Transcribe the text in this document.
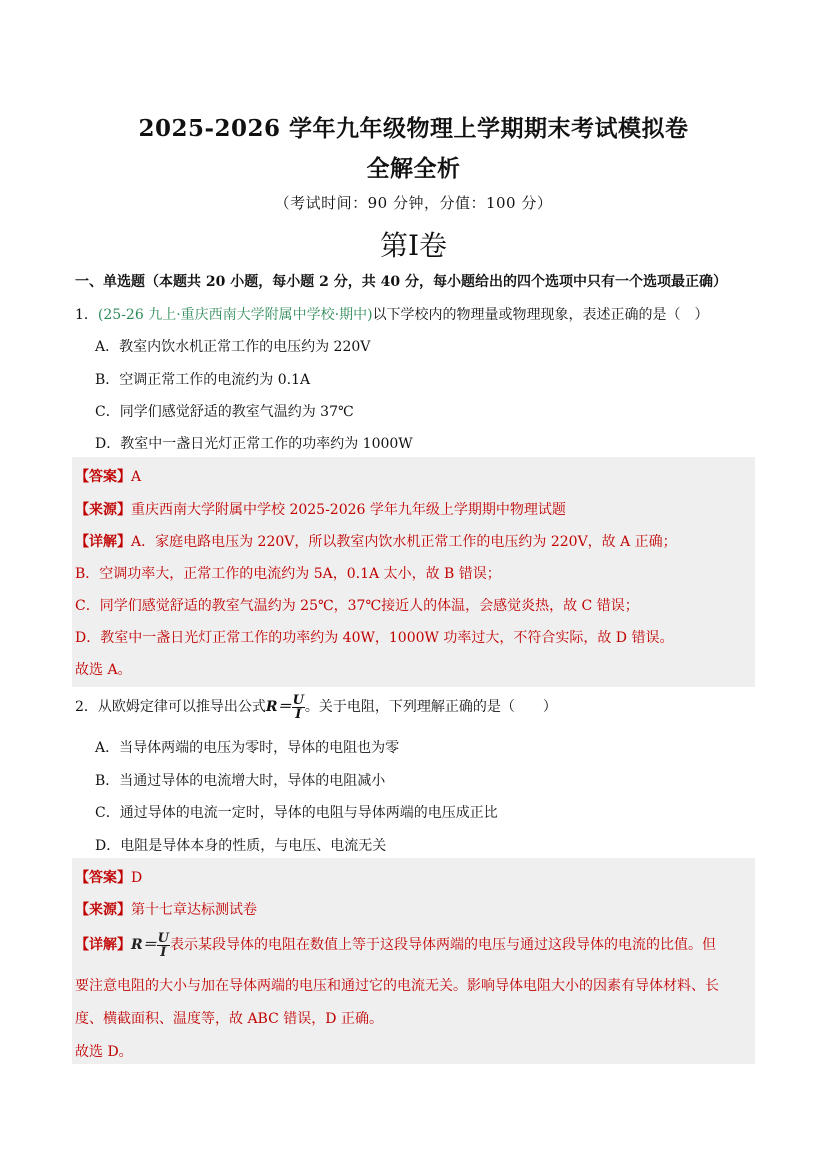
2025-2026 学年九年级物理上学期期末考试模拟卷
全解全析
（考试时间：90 分钟，分值：100 分）
第I卷
一、单选题（本题共 20 小题，每小题 2 分，共 40 分，每小题给出的四个选项中只有一个选项最正确）
1．(25-26 九上·重庆西南大学附属中学校·期中)以下学校内的物理量或物理现象，表述正确的是（　）
A．教室内饮水机正常工作的电压约为 220V
B．空调正常工作的电流约为 0.1A
C．同学们感觉舒适的教室气温约为 37℃
D．教室中一盏日光灯正常工作的功率约为 1000W
【答案】A
【来源】重庆西南大学附属中学校 2025-2026 学年九年级上学期期中物理试题
【详解】A．家庭电路电压为 220V，所以教室内饮水机正常工作的电压约为 220V，故 A 正确；
B．空调功率大，正常工作的电流约为 5A，0.1A 太小，故 B 错误；
C．同学们感觉舒适的教室气温约为 25℃，37℃接近人的体温，会感觉炎热，故 C 错误；
D．教室中一盏日光灯正常工作的功率约为 40W，1000W 功率过大，不符合实际，故 D 错误。
故选 A。
2．从欧姆定律可以推导出公式$R= \frac{U}{I}$ 。关于电阻，下列理解正确的是（　　）
A．当导体两端的电压为零时，导体的电阻也为零
B．当通过导体的电流增大时，导体的电阻减小
C．通过导体的电流一定时，导体的电阻与导体两端的电压成正比
D．电阻是导体本身的性质，与电压、电流无关
【答案】D
【来源】第十七章达标测试卷
【详解】$R= \frac{U}{I}$ 表示某段导体的电阻在数值上等于这段导体两端的电压与通过这段导体的电流的比值。但
要注意电阻的大小与加在导体两端的电压和通过它的电流无关。影响导体电阻大小的因素有导体材料、长
度、横截面积、温度等，故 ABC 错误，D 正确。
故选 D。
